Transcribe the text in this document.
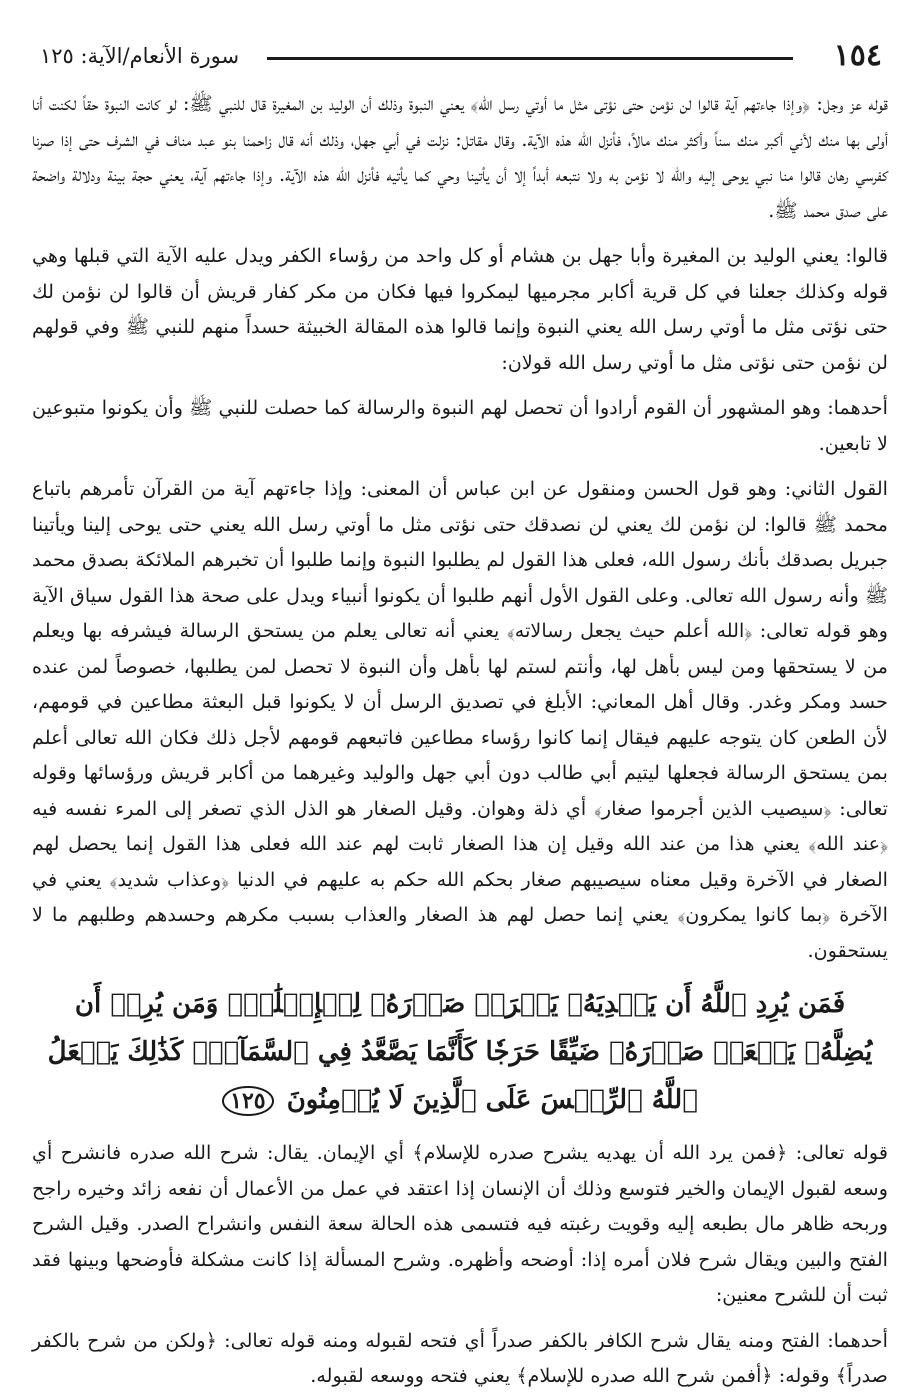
١٥٤
سورة الأنعام/الآية: ١٢٥

قوله عز وجل: ﴿وإذا جاءتهم آية قالوا لن نؤمن حتى نؤتى مثل ما أوتي رسل الله﴾ يعني النبوة وذلك أن الوليد بن المغيرة قال للنبي ﷺ: لو كانت النبوة حقاً لكنت أنا أولى بها منك لأني أكبر منك سناً وأكثر منك مالاً، فأنزل الله هذه الآية. وقال مقاتل: نزلت في أبي جهل، وذلك أنه قال زاحمنا بنو عبد مناف في الشرف حتى إذا صرنا كفرسي رهان قالوا منا نبي يوحى إليه والله لا نؤمن به ولا نتبعه أبداً إلا أن يأتينا وحي كما يأتيه فأنزل الله هذه الآية. وإذا جاءتهم آية، يعني حجة بينة ودلالة واضحة على صدق محمد ﷺ.

قالوا: يعني الوليد بن المغيرة وأبا جهل بن هشام أو كل واحد من رؤساء الكفر ويدل عليه الآية التي قبلها وهي قوله وكذلك جعلنا في كل قرية أكابر مجرميها ليمكروا فيها فكان من مكر كفار قريش أن قالوا لن نؤمن لك حتى نؤتى مثل ما أوتي رسل الله يعني النبوة وإنما قالوا هذه المقالة الخبيثة حسداً منهم للنبي ﷺ وفي قولهم لن نؤمن حتى نؤتى مثل ما أوتي رسل الله قولان:

أحدهما: وهو المشهور أن القوم أرادوا أن تحصل لهم النبوة والرسالة كما حصلت للنبي ﷺ وأن يكونوا متبوعين لا تابعين.

القول الثاني: وهو قول الحسن ومنقول عن ابن عباس أن المعنى: وإذا جاءتهم آية من القرآن تأمرهم باتباع محمد ﷺ قالوا: لن نؤمن لك يعني لن نصدقك حتى نؤتى مثل ما أوتي رسل الله يعني حتى يوحى إلينا ويأتينا جبريل بصدقك بأنك رسول الله، فعلى هذا القول لم يطلبوا النبوة وإنما طلبوا أن تخبرهم الملائكة بصدق محمد ﷺ وأنه رسول الله تعالى. وعلى القول الأول أنهم طلبوا أن يكونوا أنبياء ويدل على صحة هذا القول سياق الآية وهو قوله تعالى: ﴿الله أعلم حيث يجعل رسالاته﴾ يعني أنه تعالى يعلم من يستحق الرسالة فيشرفه بها ويعلم من لا يستحقها ومن ليس بأهل لها، وأنتم لستم لها بأهل وأن النبوة لا تحصل لمن يطلبها، خصوصاً لمن عنده حسد ومكر وغدر. وقال أهل المعاني: الأبلغ في تصديق الرسل أن لا يكونوا قبل البعثة مطاعين في قومهم، لأن الطعن كان يتوجه عليهم فيقال إنما كانوا رؤساء مطاعين فاتبعهم قومهم لأجل ذلك فكان الله تعالى أعلم بمن يستحق الرسالة فجعلها ليتيم أبي طالب دون أبي جهل والوليد وغيرهما من أكابر قريش ورؤسائها وقوله تعالى: ﴿سيصيب الذين أجرموا صغار﴾ أي ذلة وهوان. وقيل الصغار هو الذل الذي تصغر إلى المرء نفسه فيه ﴿عند الله﴾ يعني هذا من عند الله وقيل إن هذا الصغار ثابت لهم عند الله فعلى هذا القول إنما يحصل لهم الصغار في الآخرة وقيل معناه سيصيبهم صغار بحكم الله حكم به عليهم في الدنيا ﴿وعذاب شديد﴾ يعني في الآخرة ﴿بما كانوا يمكرون﴾ يعني إنما حصل لهم هذ الصغار والعذاب بسبب مكرهم وحسدهم وطلبهم ما لا يستحقون.

فَمَن يُرِدِ ٱللَّهُ أَن يَهۡدِيَهُۥ يَشۡرَحۡ صَدۡرَهُۥ لِلۡإِسۡلَٰمِۖ وَمَن يُرِدۡ أَن يُضِلَّهُۥ يَجۡعَلۡ صَدۡرَهُۥ ضَيِّقًا حَرَجٗا كَأَنَّمَا يَصَّعَّدُ فِي ٱلسَّمَآءِۚ كَذَٰلِكَ يَجۡعَلُ ٱللَّهُ ٱلرِّجۡسَ عَلَى ٱلَّذِينَ لَا يُؤۡمِنُونَ ١٢٥

قوله تعالى: ﴿فمن يرد الله أن يهديه يشرح صدره للإسلام﴾ أي الإيمان. يقال: شرح الله صدره فانشرح أي وسعه لقبول الإيمان والخير فتوسع وذلك أن الإنسان إذا اعتقد في عمل من الأعمال أن نفعه زائد وخيره راجح وربحه ظاهر مال بطبعه إليه وقويت رغبته فيه فتسمى هذه الحالة سعة النفس وانشراح الصدر. وقيل الشرح الفتح والبين ويقال شرح فلان أمره إذا: أوضحه وأظهره. وشرح المسألة إذا كانت مشكلة فأوضحها وبينها فقد ثبت أن للشرح معنين:

أحدهما: الفتح ومنه يقال شرح الكافر بالكفر صدراً أي فتحه لقبوله ومنه قوله تعالى: ﴿ولكن من شرح بالكفر صدراً﴾ وقوله: ﴿أفمن شرح الله صدره للإسلام﴾ يعني فتحه ووسعه لقبوله.
